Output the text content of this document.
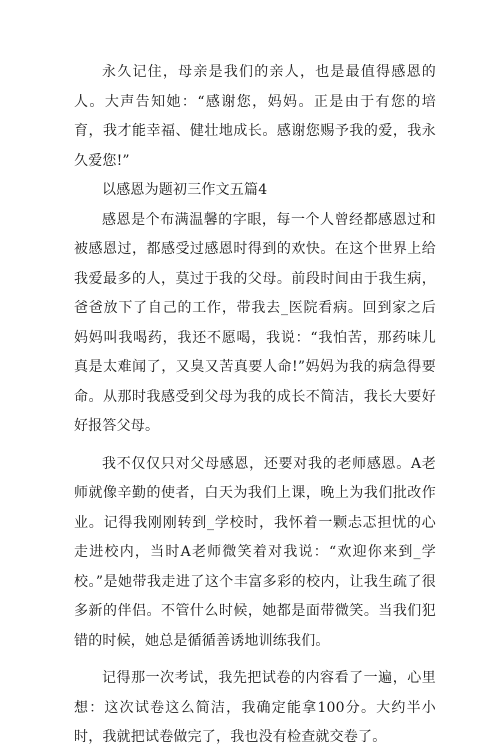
永久记住，母亲是我们的亲人，也是最值得感恩的人。大声告知她：“感谢您，妈妈。正是由于有您的培育，我才能幸福、健壮地成长。感谢您赐予我的爱，我永久爱您!”

以感恩为题初三作文五篇4

感恩是个布满温馨的字眼，每一个人曾经都感恩过和被感恩过，都感受过感恩时得到的欢快。在这个世界上给我爱最多的人，莫过于我的父母。前段时间由于我生病，爸爸放下了自己的工作，带我去_医院看病。回到家之后妈妈叫我喝药，我还不愿喝，我说：“我怕苦，那药味儿真是太难闻了，又臭又苦真要人命!”妈妈为我的病急得要命。从那时我感受到父母为我的成长不简洁，我长大要好好报答父母。

我不仅仅只对父母感恩，还要对我的老师感恩。A老师就像辛勤的使者，白天为我们上课，晚上为我们批改作业。记得我刚刚转到_学校时，我怀着一颗忐忑担忧的心走进校内，当时A老师微笑着对我说：“欢迎你来到_学校。”是她带我走进了这个丰富多彩的校内，让我生疏了很多新的伴侣。不管什么时候，她都是面带微笑。当我们犯错的时候，她总是循循善诱地训练我们。

记得那一次考试，我先把试卷的内容看了一遍，心里想：这次试卷这么简洁，我确定能拿100分。大约半小时，我就把试卷做完了，我也没有检查就交卷了。
